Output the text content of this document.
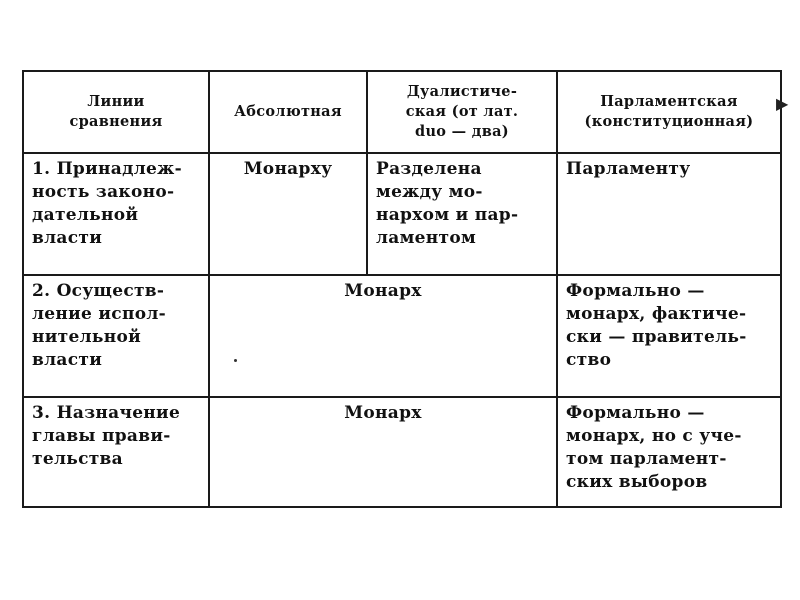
Линии
сравнения	Абсолютная	Дуалистиче-
ская (от лат.
duo — два)	Парламентская
(конституционная)

1. Принадлеж-
ность законо-
дательной
власти	Монарху	Разделена
между мо-
нархом и пар-
ламентом	Парламенту

2. Осуществ-
ление испол-
нительной
власти	Монарх		Формально —
монарх, фактиче-
ски — правитель-
ство

3. Назначение
главы прави-
тельства	Монарх		Формально —
монарх, но с уче-
том парламент-
ских выборов
▶
